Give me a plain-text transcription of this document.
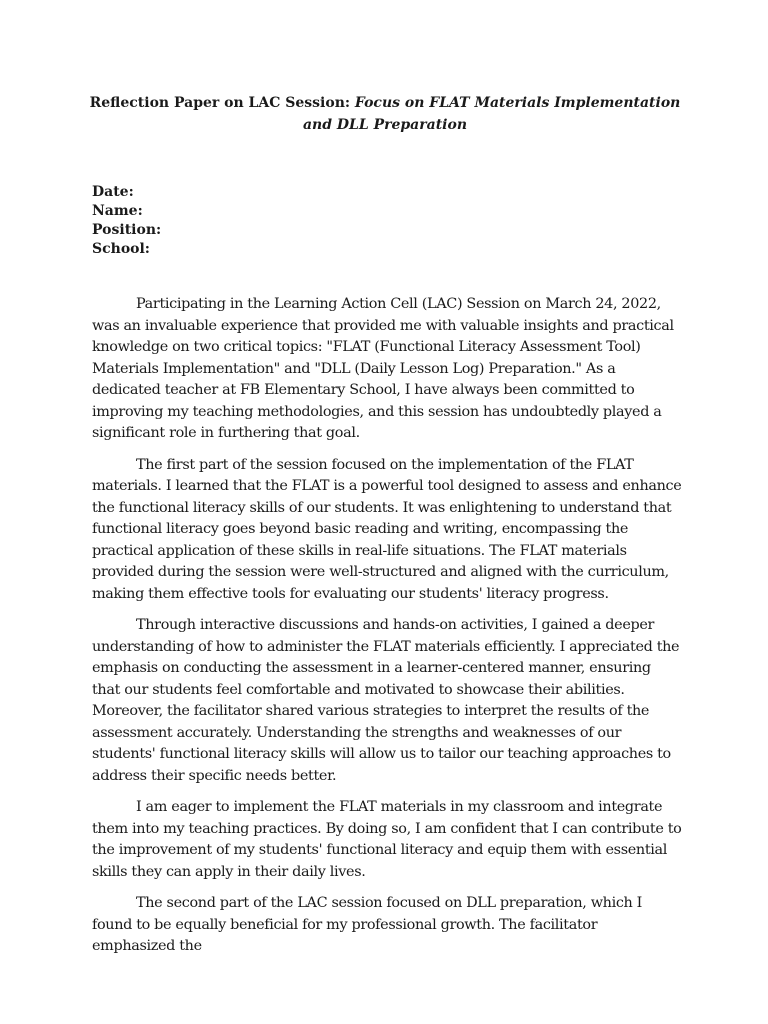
Reflection Paper on LAC Session: Focus on FLAT Materials Implementation and DLL Preparation
Date:
Name:
Position:
School:

Participating in the Learning Action Cell (LAC) Session on March 24, 2022, was an invaluable experience that provided me with valuable insights and practical knowledge on two critical topics: "FLAT (Functional Literacy Assessment Tool) Materials Implementation" and "DLL (Daily Lesson Log) Preparation." As a dedicated teacher at FB Elementary School, I have always been committed to improving my teaching methodologies, and this session has undoubtedly played a significant role in furthering that goal.

The first part of the session focused on the implementation of the FLAT materials. I learned that the FLAT is a powerful tool designed to assess and enhance the functional literacy skills of our students. It was enlightening to understand that functional literacy goes beyond basic reading and writing, encompassing the practical application of these skills in real-life situations. The FLAT materials provided during the session were well-structured and aligned with the curriculum, making them effective tools for evaluating our students' literacy progress.

Through interactive discussions and hands-on activities, I gained a deeper understanding of how to administer the FLAT materials efficiently. I appreciated the emphasis on conducting the assessment in a learner-centered manner, ensuring that our students feel comfortable and motivated to showcase their abilities. Moreover, the facilitator shared various strategies to interpret the results of the assessment accurately. Understanding the strengths and weaknesses of our students' functional literacy skills will allow us to tailor our teaching approaches to address their specific needs better.

I am eager to implement the FLAT materials in my classroom and integrate them into my teaching practices. By doing so, I am confident that I can contribute to the improvement of my students' functional literacy and equip them with essential skills they can apply in their daily lives.

The second part of the LAC session focused on DLL preparation, which I found to be equally beneficial for my professional growth. The facilitator emphasized the
